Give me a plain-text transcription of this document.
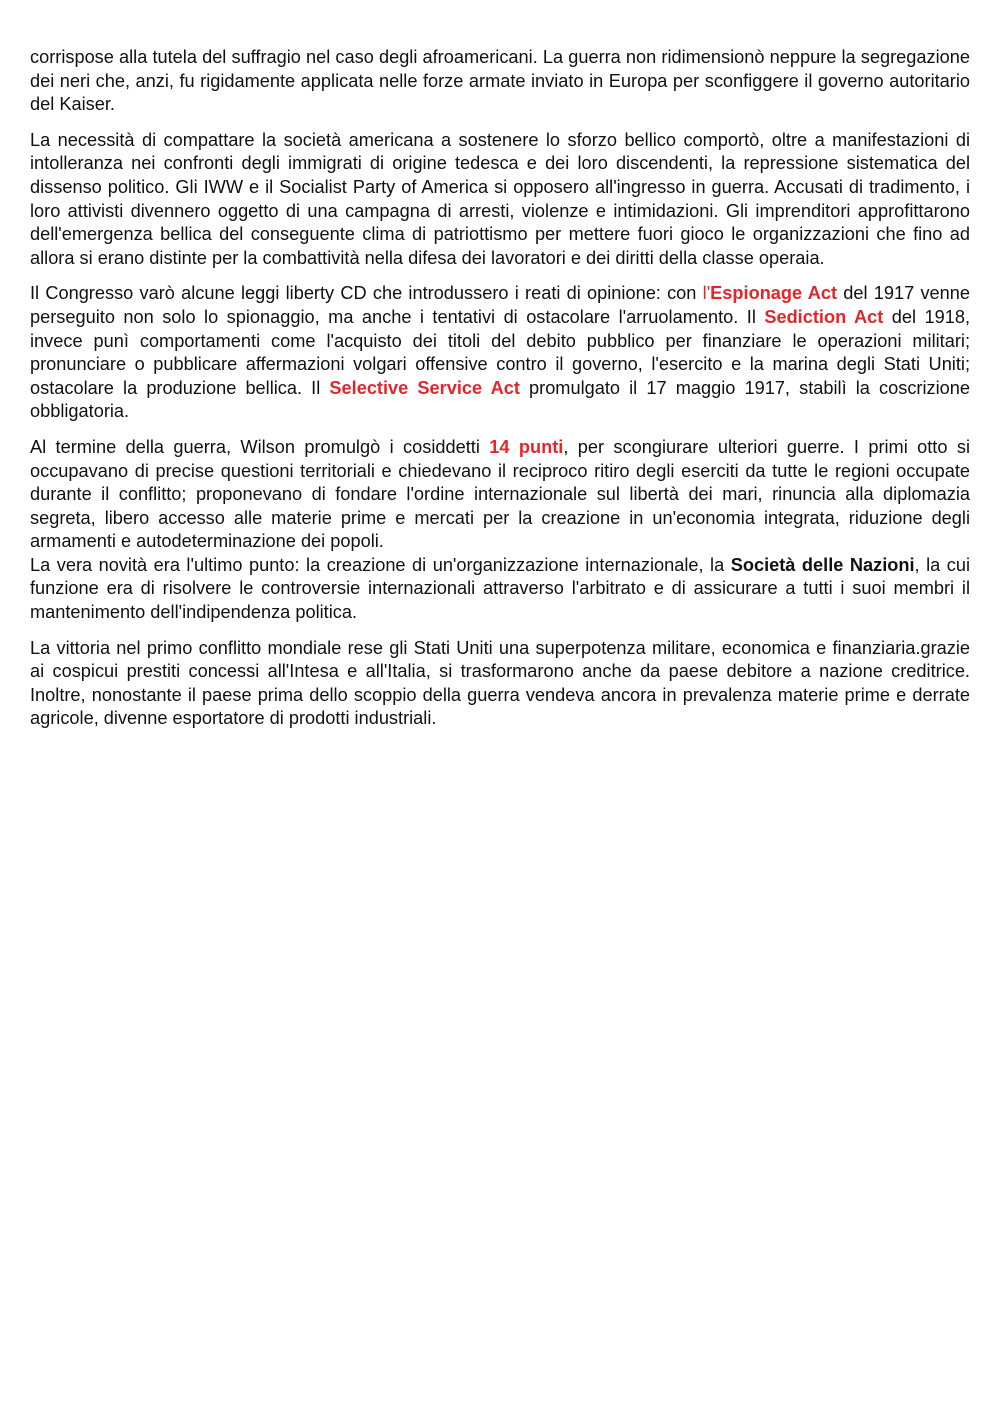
corrispose alla tutela del suffragio nel caso degli afroamericani. La guerra non ridimensionò neppure la segregazione dei neri che, anzi, fu rigidamente applicata nelle forze armate inviato in Europa per sconfiggere il governo autoritario del Kaiser.

La necessità di compattare la società americana a sostenere lo sforzo bellico comportò, oltre a manifestazioni di intolleranza nei confronti degli immigrati di origine tedesca e dei loro discendenti, la repressione sistematica del dissenso politico. Gli IWW e il Socialist Party of America si opposero all'ingresso in guerra. Accusati di tradimento, i loro attivisti divennero oggetto di una campagna di arresti, violenze e intimidazioni. Gli imprenditori approfittarono dell'emergenza bellica del conseguente clima di patriottismo per mettere fuori gioco le organizzazioni che fino ad allora si erano distinte per la combattività nella difesa dei lavoratori e dei diritti della classe operaia.

Il Congresso varò alcune leggi liberty CD che introdussero i reati di opinione: con l'Espionage Act del 1917 venne perseguito non solo lo spionaggio, ma anche i tentativi di ostacolare l'arruolamento. Il Sediction Act del 1918, invece punì comportamenti come l'acquisto dei titoli del debito pubblico per finanziare le operazioni militari; pronunciare o pubblicare affermazioni volgari offensive contro il governo, l'esercito e la marina degli Stati Uniti; ostacolare la produzione bellica. Il Selective Service Act promulgato il 17 maggio 1917, stabilì la coscrizione obbligatoria.

Al termine della guerra, Wilson promulgò i cosiddetti 14 punti, per scongiurare ulteriori guerre. I primi otto si occupavano di precise questioni territoriali e chiedevano il reciproco ritiro degli eserciti da tutte le regioni occupate durante il conflitto; proponevano di fondare l'ordine internazionale sul libertà dei mari, rinuncia alla diplomazia segreta, libero accesso alle materie prime e mercati per la creazione in un'economia integrata, riduzione degli armamenti e autodeterminazione dei popoli.

La vera novità era l'ultimo punto: la creazione di un'organizzazione internazionale, la Società delle Nazioni, la cui funzione era di risolvere le controversie internazionali attraverso l'arbitrato e di assicurare a tutti i suoi membri il mantenimento dell'indipendenza politica.

La vittoria nel primo conflitto mondiale rese gli Stati Uniti una superpotenza militare, economica e finanziaria.grazie ai cospicui prestiti concessi all'Intesa e all'Italia, si trasformarono anche da paese debitore a nazione creditrice. Inoltre, nonostante il paese prima dello scoppio della guerra vendeva ancora in prevalenza materie prime e derrate agricole, divenne esportatore di prodotti industriali.
